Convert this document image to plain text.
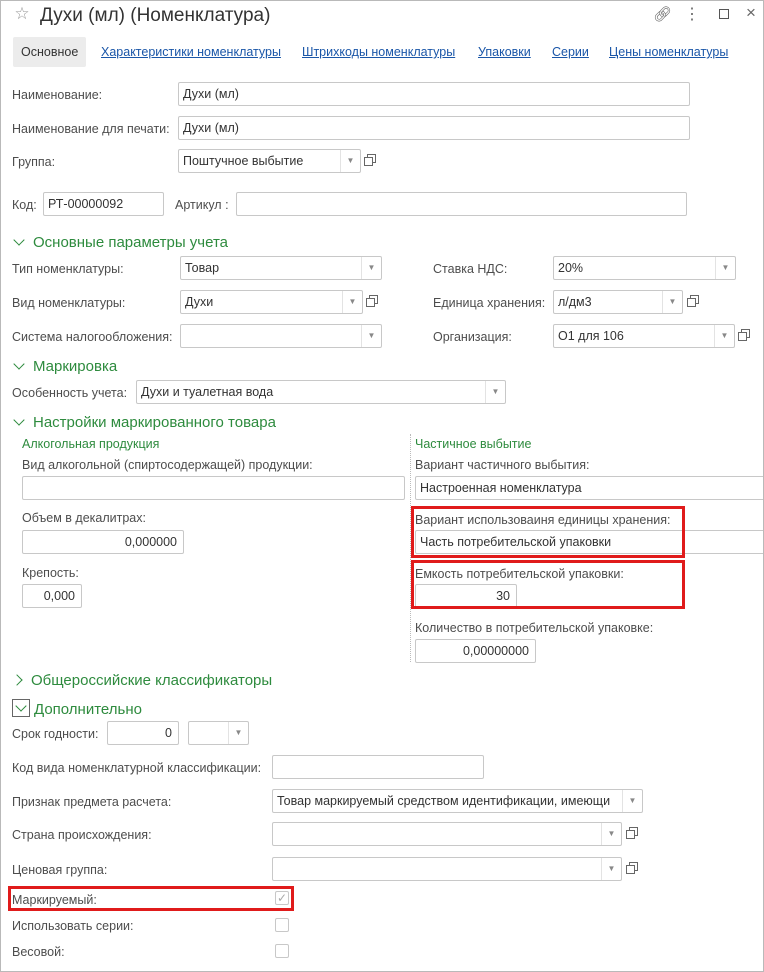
☆ Духи (мл) (Номенклатура)	🔗︎ ⋮	×
Основное	Характеристики номенклатуры Штрихкоды номенклатуры Упаковки Серии Цены номенклатуры
Наименование:	Духи (мл)
Наименование для печати:	Духи (мл)
Группа:	Поштучное выбытие	▼
Код: РТ-00000092	Артикул :
Основные параметры учета
Тип номенклатуры:	Товар	▼
Вид номенклатуры:	Духи	▼
Система налогообложения:	▼
Ставка НДС:	20%	▼
Единица хранения:	л/дм3	▼
Организация:	О1 для 106	▼
Маркировка
Особенность учета:	Духи и туалетная вода	▼
Настройки маркированного товара
Алкогольная продукция
Вид алкогольной (спиртосодержащей) продукции:
Объем в декалитрах:
0,000000
Крепость:
0,000
Частичное выбытие
Вариант частичного выбытия:
Настроенная номенклатура
Вариант использоваиня единицы хранения:
Часть потребительской упаковки
Емкость потребительской упаковки:
30
Количество в потребительской упаковке:
0,00000000
Общероссийские классификаторы
Дополнительно
Срок годности:	0	▼
Код вида номенклатурной классификации:
Признак предмета расчета:	Товар маркируемый средством идентификации, имеющи	▼
Страна происхождения:	▼
Ценовая группа:	▼
Маркируемый:	✓
Использовать серии:
Весовой:
